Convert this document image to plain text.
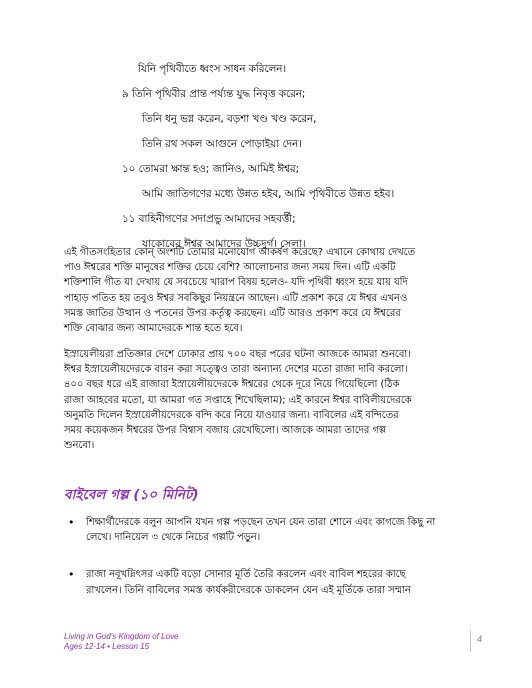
যিনি পৃথিবীতে ধ্বংস সাধন করিলেন।
৯ তিনি পৃথিবীর প্রান্ত পর্য্যন্ত যুদ্ধ নিবৃত্ত করেন;
তিনি ধনু ভগ্ন করেন, বড়শা খণ্ড খণ্ড করেন,
তিনি রথ সকল আগুনে পোড়াইয়া দেন।
১০ তোমরা ক্ষান্ত হও; জানিও, আমিই ঈশ্বর;
আমি জাতিগণের মধ্যে উন্নত হইব, আমি পৃথিবীতে উন্নত হইব।
১১ বাহিনীগণের সদাপ্রভু আমাদের সহবর্ত্তী;
যাকোবের ঈশ্বর আমাদের উচ্চদুর্গ। সেলা।
এই গীতসংহিতার কোন্ অংশটি তোমার মনোযোগ আকর্ষণ করেছে? এখানে কোথায় দেখতে
পাও ঈশ্বরের শক্তি মানুষের শক্তির চেয়ে বেশি? আলোচনার জন্য সময় দিন। এটি একটি
শক্তিশালি গীত যা দেখায় যে সবচেয়ে খারাপ বিষয় হলেও- যদি পৃথিবী ধ্বংস হয়ে যায় যদি
পাহাড় পতিত হয় তবুও ঈশ্বর সবকিছুর নিয়ন্ত্রনে আছেন। এটি প্রকাশ করে যে ঈশ্বর এখনও
সমস্ত জাতির উত্থান ও পতনের উপর কর্তৃত্ব করছেন। এটি আরও প্রকাশ করে যে ঈশ্বরের
শক্তি বোঝার জন্য আমাদেরকে শান্ত হতে হবে।
ইস্রায়েলীয়রা প্রতিজ্ঞার দেশে ঢোকার প্রায় ৭০০ বছর পরের ঘটনা আজকে আমরা শুনবো।
ঈশ্বর ইস্রায়েলীয়দেরকে বারন করা সত্ত্বেও তারা অন্যান্য দেশের মতো রাজা দাবি করলো।
৪০০ বছর ধরে এই রাজারা ইস্রায়েলীয়দেরকে ঈশ্বরের থেকে দূরে নিয়ে গিয়েছিলো (ঠিক
রাজা আহবের মতো, যা আমরা গত সপ্তাহে শিখেছিলাম); এই কারনে ঈশ্বর বাবিলীয়দেরকে
অনুমতি দিলেন ইস্রায়েলীয়দেরকে বন্দি করে নিয়ে যাওয়ার জন্য। বাবিলের এই বন্দিতের
সময় কয়েকজন ঈশ্বরের উপর বিশ্বাস বজায় রেখেছিলো। আজকে আমরা তাদের গল্প
শুনবো।
বাইবেল গল্প (১০ মিনিট)
• শিক্ষার্থীদেরকে বলুন আপনি যখন গল্প পড়ছেন তখন যেন তারা শোনে এবং কাগজে কিছু না
লেখে। দানিয়েল ৩ থেকে নিচের গল্পটি পড়ুন।
• রাজা নবূখদ্নিৎসর একটি বড়ো সোনার মূর্তি তৈরি করলেন এবং বাবিল শহরের কাছে
রাখলেন। তিনি বাবিলের সমস্ত কার্যকরীদেরকে ডাকলেন যেন এই মূর্তিকে তারা সম্মান
Living in God's Kingdom of Love
Ages 12-14 • Lesson 15
4
